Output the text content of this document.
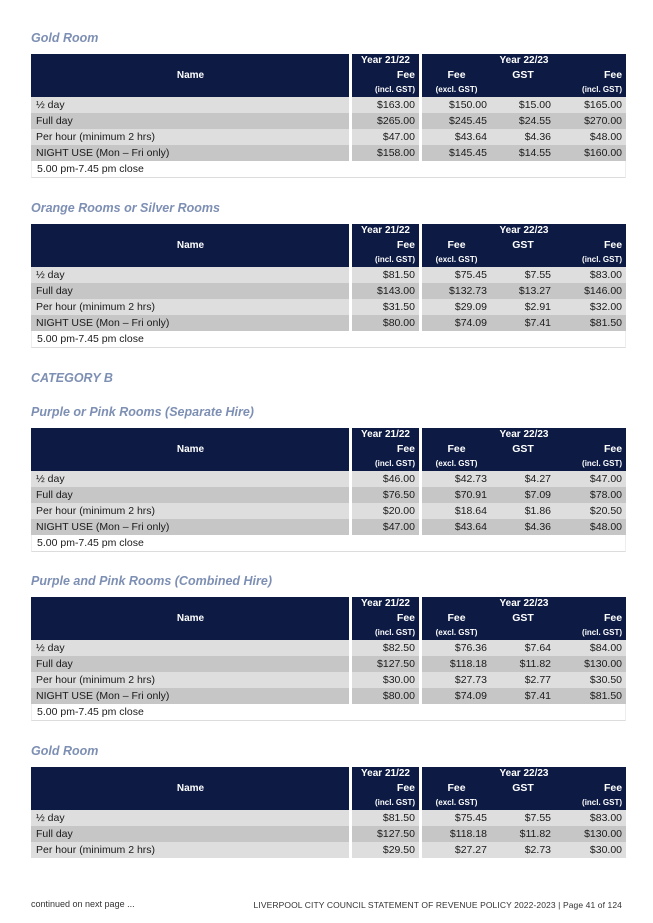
Gold Room
Name		Year 21/22		Year 22/23		
		Fee		Fee	GST	Fee
		(incl. GST)		(excl. GST)		(incl. GST)
½ day		$163.00		$150.00	$15.00	$165.00
Full day		$265.00		$245.45	$24.55	$270.00
Per hour (minimum 2 hrs)		$47.00		$43.64	$4.36	$48.00
NIGHT USE (Mon – Fri only)		$158.00		$145.45	$14.55	$160.00
5.00 pm-7.45 pm close						
Orange Rooms or Silver Rooms
Name		Year 21/22		Year 22/23		
		Fee		Fee	GST	Fee
		(incl. GST)		(excl. GST)		(incl. GST)
½ day		$81.50		$75.45	$7.55	$83.00
Full day		$143.00		$132.73	$13.27	$146.00
Per hour (minimum 2 hrs)		$31.50		$29.09	$2.91	$32.00
NIGHT USE (Mon – Fri only)		$80.00		$74.09	$7.41	$81.50
5.00 pm-7.45 pm close						
CATEGORY B
Purple or Pink Rooms (Separate Hire)
Name		Year 21/22		Year 22/23		
		Fee		Fee	GST	Fee
		(incl. GST)		(excl. GST)		(incl. GST)
½ day		$46.00		$42.73	$4.27	$47.00
Full day		$76.50		$70.91	$7.09	$78.00
Per hour (minimum 2 hrs)		$20.00		$18.64	$1.86	$20.50
NIGHT USE (Mon – Fri only)		$47.00		$43.64	$4.36	$48.00
5.00 pm-7.45 pm close						
Purple and Pink Rooms (Combined Hire)
Name		Year 21/22		Year 22/23		
		Fee		Fee	GST	Fee
		(incl. GST)		(excl. GST)		(incl. GST)
½ day		$82.50		$76.36	$7.64	$84.00
Full day		$127.50		$118.18	$11.82	$130.00
Per hour (minimum 2 hrs)		$30.00		$27.73	$2.77	$30.50
NIGHT USE (Mon – Fri only)		$80.00		$74.09	$7.41	$81.50
5.00 pm-7.45 pm close						
Gold Room
Name		Year 21/22		Year 22/23		
		Fee		Fee	GST	Fee
		(incl. GST)		(excl. GST)		(incl. GST)
½ day		$81.50		$75.45	$7.55	$83.00
Full day		$127.50		$118.18	$11.82	$130.00
Per hour (minimum 2 hrs)		$29.50		$27.27	$2.73	$30.00
continued on next page ...	LIVERPOOL CITY COUNCIL STATEMENT OF REVENUE POLICY 2022-2023 | Page 41 of 124
